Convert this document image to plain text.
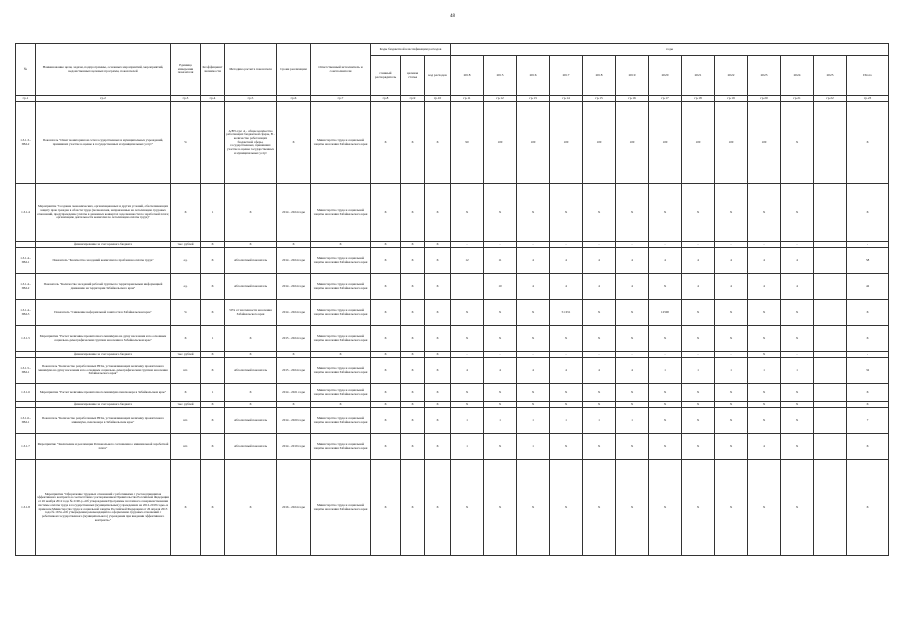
48
№	Наименование цели, задачи, подпрограммы, основных мероприятий, мероприятий, ведомственных целевых программ, показателей	Единица измерения показателя	Коэффициент значимости	Методика расчета показателя	Сроки реализации	Ответственный исполнитель и соисполнители	Коды бюджетной классификации расходов			годы												
							главный распорядитель	целевая статья	код расходов	2018	2015	2016	2017	2018	2019	2020	2021	2022	2023	2024	2025	Итого
гр.1	гр.2	гр.3	гр.4	гр.5	гр.6	гр.7	гр.8	гр.9	гр.10	гр.11	гр.12	гр.13	гр.14	гр.15	гр.16	гр.17	гр.18	гр.19	гр.20	гр.21	гр.22	гр.23
1.3.1.3.-ПМ-2	Показатель "Охват мониторингом сети государственных и муниципальных учреждений, принявших участие в оценке в государственных и муниципальных услуг"	%		А/В% где: А - общее количество работающих бюджетной сферы, В - количество работающих бюджетной сферы, государственных, принявших участие в оценке государственных и муниципальных услуг	Х	Министерство труда и социальной защиты населения Забайкальского края	Х	Х	Х	90	100	100	100	100	100	100	100	100	100	Х		Х
1.3.1.4	Мероприятие "Создание экономических, организационных и других условий, обеспечивающих защиту прав граждан в области труда (полномочия, направленные на легализацию трудовых отношений, предупреждение уплаты в денежных конвертах задолженности по заработной плате; организацию деятельности комиссии по легализации оплаты труда)"	Х	1	Х	2014 - 2024 годы	Министерство труда и социальной защиты населения Забайкальского края	Х	Х	Х	Х	Х	Х	Х	Х	Х	Х	Х	Х	Х	Х		Х
	финансирование за счет краевого бюджета	тыс. рублей	Х	Х	Х	Х	Х	Х	Х	-	-	-	-	-	-	-	-	-	-	-		-
1.3.1.4.-ПМ-1	Показатель "Количество заседаний комиссии по проблемам оплаты труда"	ед.	Х	Абсолютный показатель	2014 - 2024 годы	Министерство труда и социальной защиты населения Забайкальского края	Х	Х	Х	12	11	4	4	4	4	4	4	4	4	4		58
1.3.1.4.-ПМ-2	Показатель "Количество заседаний рабочей группы по территориальным информацией движению на территории Забайкальского края"	ед.	Х	Абсолютный показатель	2014 - 2024 годы	Министерство труда и социальной защиты населения Забайкальского края	Х	Х	Х		10	4	4	4	4	Х	4	4	4	4		42
1.3.1.4.-ПМ-3	Показатель "Снижение неформальной занятости в Забайкальском крае"	%	Х	50% от численности населения Забайкальского края	2014 - 2024 годы	Министерство труда и социальной защиты населения Забайкальского края	Х	Х	Х	Х	Х	Х	51 651	Х	Х	12500	Х	Х	Х	Х		Х
1.3.1.5	Мероприятие "Расчет величины прожиточного минимума на душу населения и по основным социально-демографическим группам населения в Забайкальском крае"	Х	1	Х	2015 - 2024 годы	Министерство труда и социальной защиты населения Забайкальского края	Х	Х	Х	Х	Х	Х	Х	Х	Х	Х	Х	Х	Х	Х		Х
	финансирование за счет краевого бюджета	тыс. рублей	Х	Х	Х	Х	Х	Х	Х	-	-	-	-	-	-	-	-	-	Х	-		-
1.3.1.5.-ПМ-1	Показатель "Количество разработанных НПА, устанавливающих величину прожиточного минимума на душу населения и по основным социально-демографическим группам населения Забайкальского края"	шт.	Х	Абсолютный показатель	2015 - 2024 годы	Министерство труда и социальной защиты населения Забайкальского края	Х	Х	Х	4	4	4	4	4	4	1	1	1	1	1		32
1.3.1.6	Мероприятие "Расчет величины прожиточного минимума пенсионера в Забайкальском крае"	Х	1	Х	2014 - 2021 годы	Министерство труда и социальной защиты населения Забайкальского края	Х	Х	Х	Х	Х	Х	Х	Х	Х	Х	Х	Х	Х	Х		Х
	финансирование за счет краевого бюджета	тыс. рублей	Х	Х	Х	Х	Х	Х	Х	Х	Х	Х	Х	Х	Х	Х	Х	Х	Х	Х		Х
1.3.1.6.-ПМ-1	Показатель "Количество разработанных НПА, устанавливающих величину прожиточного минимума, пенсионера в Забайкальском крае"	шт.	Х	Абсолютный показатель	2014 - 2020 годы	Министерство труда и социальной защиты населения Забайкальского края	Х	Х	Х	1	1	1	1	1	1	Х	Х	Х	Х	Х		7
1.3.1.7	Мероприятие "Заключение и реализация Регионального соглашения о минимальной заработной плате"	шт.	Х	Абсолютный показатель	2014 - 2019 годы	Министерство труда и социальной защиты населения Забайкальского края	Х	Х	Х	1	Х	1	Х	Х	Х	Х	Х	Х	4	Х		Х
1.3.1.8	Мероприятие "Оформление трудовых отношений с работниками с учетом принципов эффективного контракта в соответствии с распоряжением Правительства Российской Федерации от 26 ноября 2012 года № 2190-р «Об утверждении Программы поэтапного совершенствования системы оплаты труда в государственных (муниципальных) учреждениях на 2012-2018 годы» и приказом Министерства труда и социальной защиты Российской Федерации от 26 апреля 2013 года № 167н «Об утверждении рекомендаций по оформлению трудовых отношений с работником государственного (муниципального) учреждения при введении эффективного контракта»"	Х	Х	Х	2016 - 2024 годы	Министерство труда и социальной защиты населения Забайкальского края	Х	Х	Х	Х	Х	Х	Х	Х	Х	Х	Х	Х	Х	Х		Х
